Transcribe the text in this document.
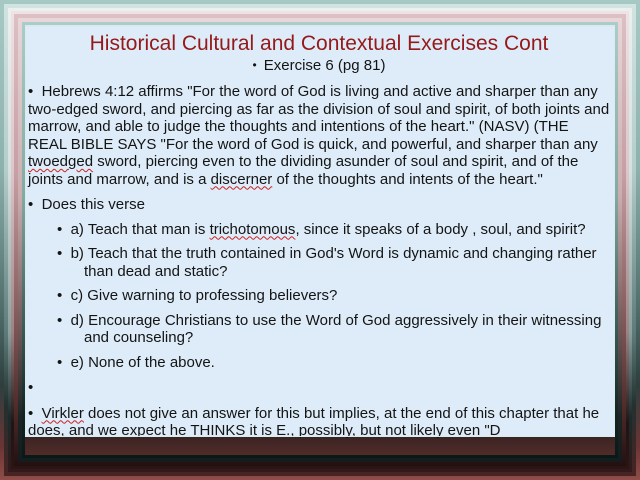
Historical Cultural and Contextual Exercises Cont
• Exercise 6 (pg 81)
•  Hebrews 4:12 affirms "For the word of God is living and active and sharper than any two-edged sword, and piercing as far as the division of soul and spirit, of both joints and marrow, and able to judge the thoughts and intentions of the heart." (NASV) (THE REAL BIBLE SAYS "For the word of God is quick, and powerful, and sharper than any twoedged sword, piercing even to the dividing asunder of soul and spirit, and of the joints and marrow, and is a discerner of the thoughts and intents of the heart."
•  Does this verse
•  a) Teach that man is trichotomous, since it speaks of a body , soul, and spirit?
•  b) Teach that the truth contained in God's Word is dynamic and changing rather than dead and static?
•  c) Give warning to professing believers?
•  d) Encourage Christians to use the Word of God aggressively in their witnessing and counseling?
•  e) None of the above.
•
•  Virkler does not give an answer for this but implies, at the end of this chapter that he does, and we expect he THINKS it is E., possibly, but not likely even "D
